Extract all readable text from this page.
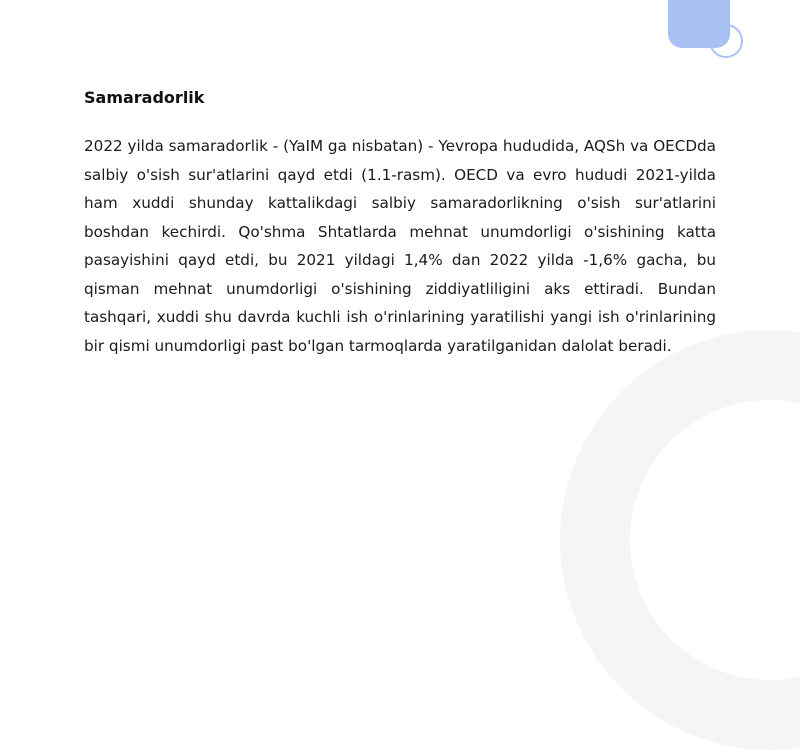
Samaradorlik

2022 yilda samaradorlik - (YaIM ga nisbatan) - Yevropa hududida, AQSh va OECDda salbiy o'sish sur'atlarini qayd etdi (1.1-rasm). OECD va evro hududi 2021-yilda ham xuddi shunday kattalikdagi salbiy samaradorlikning o'sish sur'atlarini boshdan kechirdi. Qo'shma Shtatlarda mehnat unumdorligi o'sishining katta pasayishini qayd etdi, bu 2021 yildagi 1,4% dan 2022 yilda -1,6% gacha, bu qisman mehnat unumdorligi o'sishining ziddiyatliligini aks ettiradi. Bundan tashqari, xuddi shu davrda kuchli ish o'rinlarining yaratilishi yangi ish o'rinlarining bir qismi unumdorligi past bo'lgan tarmoqlarda yaratilganidan dalolat beradi.
